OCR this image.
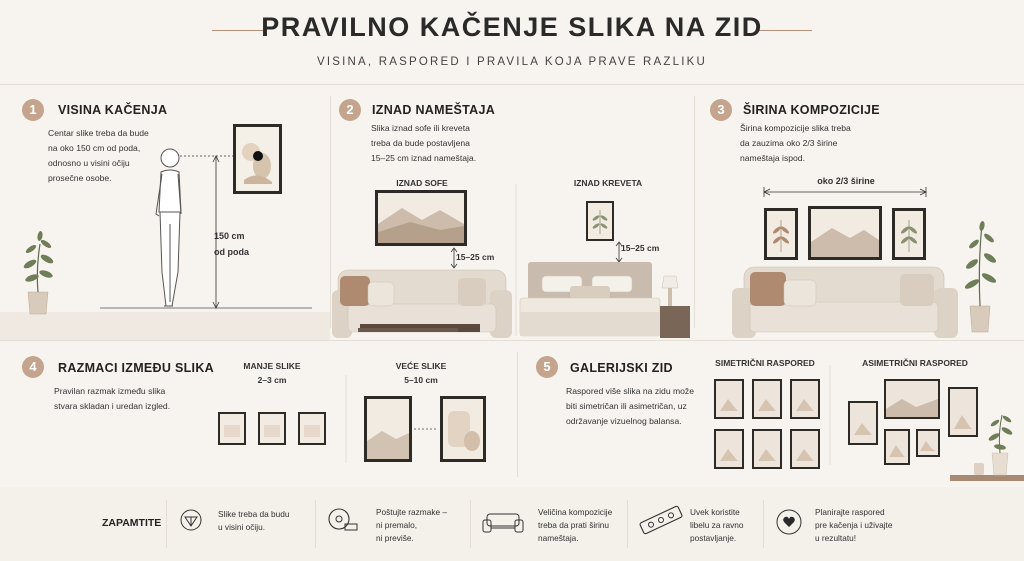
PRAVILNO KAČENJE SLIKA NA ZID
VISINA, RASPORED I PRAVILA KOJA PRAVE RAZLIKU
1	VISINA KAČENJA
Centar slike treba da bude
na oko 150 cm od poda,
odnosno u visini očiju
prosečne osobe.
150 cm
od poda
2	IZNAD NAMEŠTAJA
Slika iznad sofe ili kreveta
treba da bude postavljena
15–25 cm iznad nameštaja.
IZNAD SOFE	IZNAD KREVETA
15–25 cm
15–25 cm
3	ŠIRINA KOMPOZICIJE
Širina kompozicije slika treba
da zauzima oko 2/3 širine
nameštaja ispod.
oko 2/3 širine
4	RAZMACI IZMEĐU SLIKA
Pravilan razmak između slika
stvara skladan i uredan izgled.
MANJE SLIKE
2–3 cm
VEĆE SLIKE
5–10 cm
5	GALERIJSKI ZID
Raspored više slika na zidu može
biti simetričan ili asimetričan, uz
održavanje vizuelnog balansa.
SIMETRIČNI RASPORED	ASIMETRIČNI RASPORED
ZAPAMTITE
Slike treba da budu
u visini očiju.
Poštujte razmake –
ni premalo,
ni previše.
Veličina kompozicije
treba da prati širinu
nameštaja.
Uvek koristite
libelu za ravno
postavljanje.
Planirajte raspored
pre kačenja i uživajte
u rezultatu!
